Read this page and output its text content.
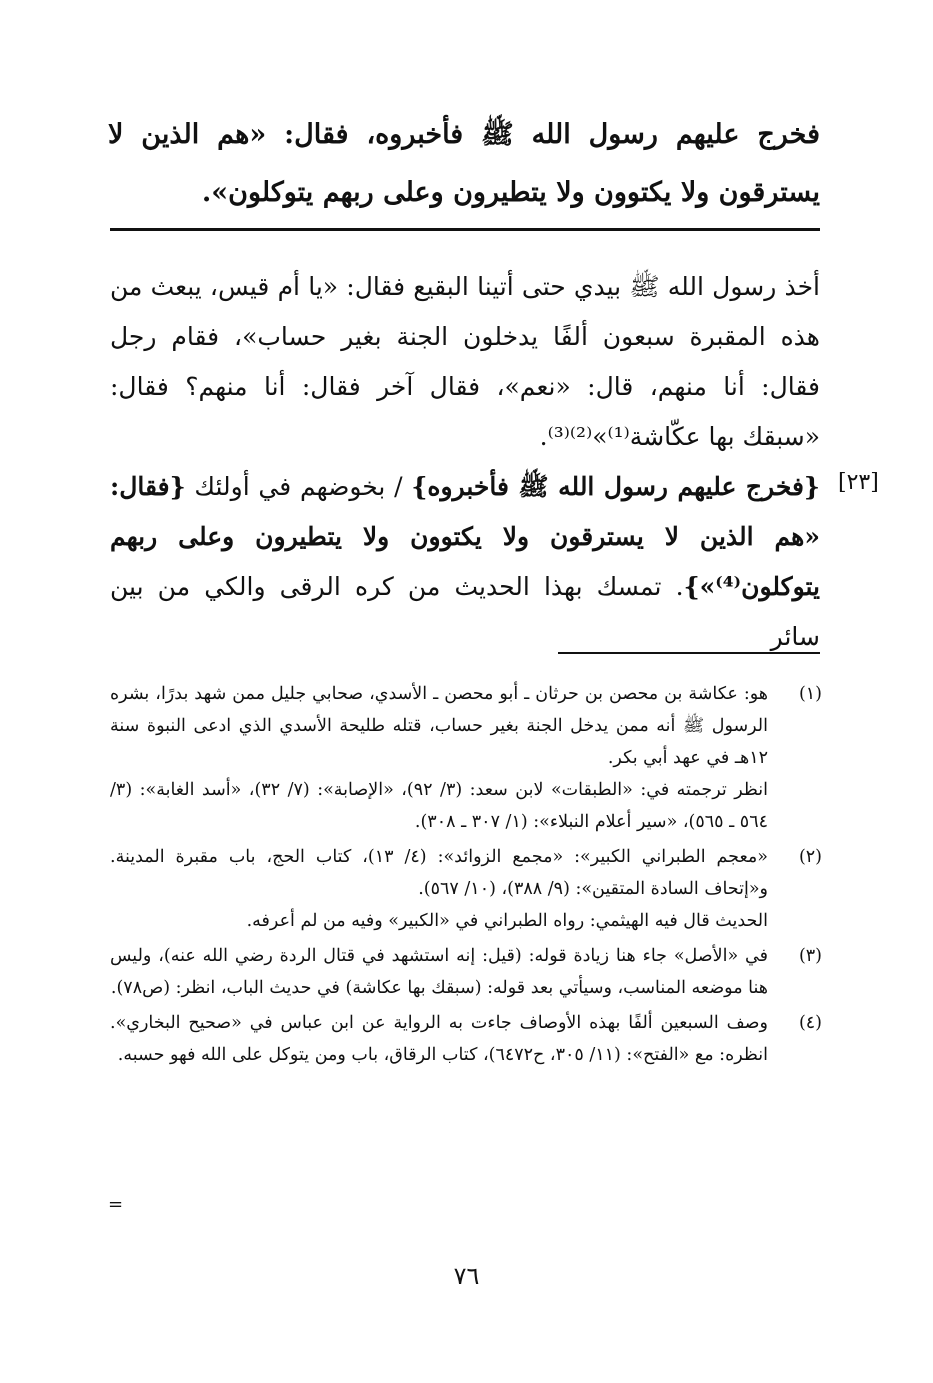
فخرج عليهم رسول الله ﷺ فأخبروه، فقال: «هم الذين لا يسترقون ولا يكتوون ولا يتطيرون وعلى ربهم يتوكلون».
أخذ رسول الله ﷺ بيدي حتى أتينا البقيع فقال: «يا أم قيس، يبعث من هذه المقبرة سبعون ألفًا يدخلون الجنة بغير حساب»، فقام رجل فقال: أنا منهم، قال: «نعم»، فقال آخر فقال: أنا منهم؟ فقال: «سبقك بها عكّاشة⁽¹⁾»⁽²⁾⁽³⁾.
[٢٣]
{فخرج عليهم رسول الله ﷺ فأخبروه} / بخوضهم في أولئك {فقال: «هم الذين لا يسترقون ولا يكتوون ولا يتطيرون وعلى ربهم يتوكلون⁽⁴⁾»}. تمسك بهذا الحديث من كره الرقى والكي من بين سائر
(١)
هو: عكاشة بن محصن بن حرثان ـ أبو محصن ـ الأسدي، صحابي جليل ممن شهد بدرًا، بشره الرسول ﷺ أنه ممن يدخل الجنة بغير حساب، قتله طليحة الأسدي الذي ادعى النبوة سنة ١٢هـ في عهد أبي بكر.
انظر ترجمته في: «الطبقات» لابن سعد: (٣/ ٩٢)، «الإصابة»: (٧/ ٣٢)، «أسد الغابة»: (٣/ ٥٦٤ ـ ٥٦٥)، «سير أعلام النبلاء»: (١/ ٣٠٧ ـ ٣٠٨).
(٢)
«معجم الطبراني الكبير»: «مجمع الزوائد»: (٤/ ١٣)، كتاب الحج، باب مقبرة المدينة. و«إتحاف السادة المتقين»: (٩/ ٣٨٨)، (١٠/ ٥٦٧).
الحديث قال فيه الهيثمي: رواه الطبراني في «الكبير» وفيه من لم أعرفه.
(٣)
في «الأصل» جاء هنا زيادة قوله: (قيل: إنه استشهد في قتال الردة رضي الله عنه)، وليس هنا موضعه المناسب، وسيأتي بعد قوله: (سبقك بها عكاشة) في حديث الباب، انظر: (ص٧٨).
(٤)
وصف السبعين ألفًا بهذه الأوصاف جاءت به الرواية عن ابن عباس في «صحيح البخاري». انظره: مع «الفتح»: (١١/ ٣٠٥، ح٦٤٧٢)، كتاب الرقاق، باب ومن يتوكل على الله فهو حسبه.
=
٧٦
